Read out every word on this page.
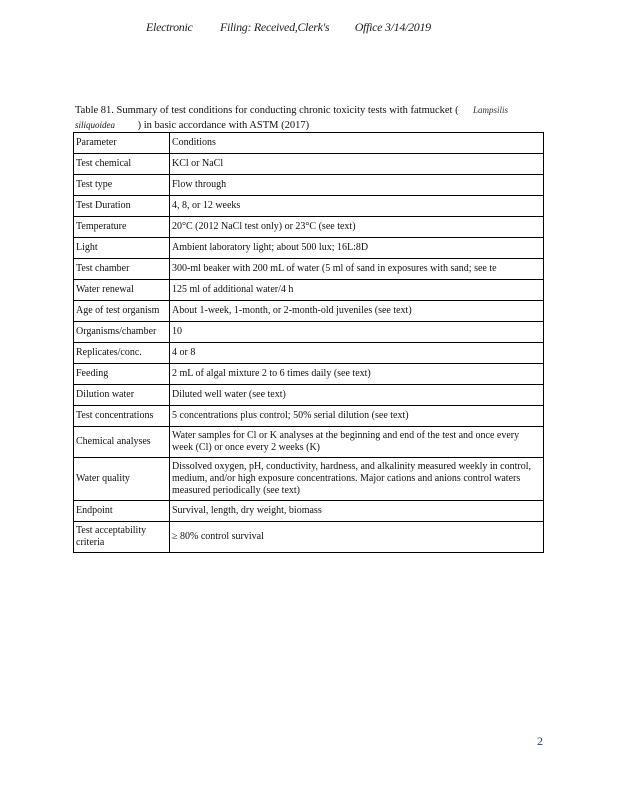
Electronic Filing: Received,Clerk's Office 3/14/2019
Table 81. Summary of test conditions for conducting chronic toxicity tests with fatmucket ( Lampsilis

siliquoidea ) in basic accordance with ASTM (2017)
Parameter	Conditions
Test chemical	KCl or NaCl
Test type	Flow through
Test Duration	4, 8, or 12 weeks
Temperature	20°C (2012 NaCl test only) or 23°C (see text)
Light	Ambient laboratory light; about 500 lux; 16L:8D
Test chamber	300-ml beaker with 200 mL of water (5 ml of sand in exposures with sand; see te
Water renewal	125 ml of additional water/4 h
Age of test organism	About 1-week, 1-month, or 2-month-old juveniles (see text)
Organisms/chamber	10
Replicates/conc.	4 or 8
Feeding	2 mL of algal mixture 2 to 6 times daily (see text)
Dilution water	Diluted well water (see text)
Test concentrations	5 concentrations plus control; 50% serial dilution (see text)
Chemical analyses	Water samples for Cl or K analyses at the beginning and end of the test and once every week (Cl) or once every 2 weeks (K)
Water quality	Dissolved oxygen, pH, conductivity, hardness, and alkalinity measured weekly in control, medium, and/or high exposure concentrations. Major cations and anions control waters measured periodically (see text)
Endpoint	Survival, length, dry weight, biomass
Test acceptability criteria	≥ 80% control survival
2
